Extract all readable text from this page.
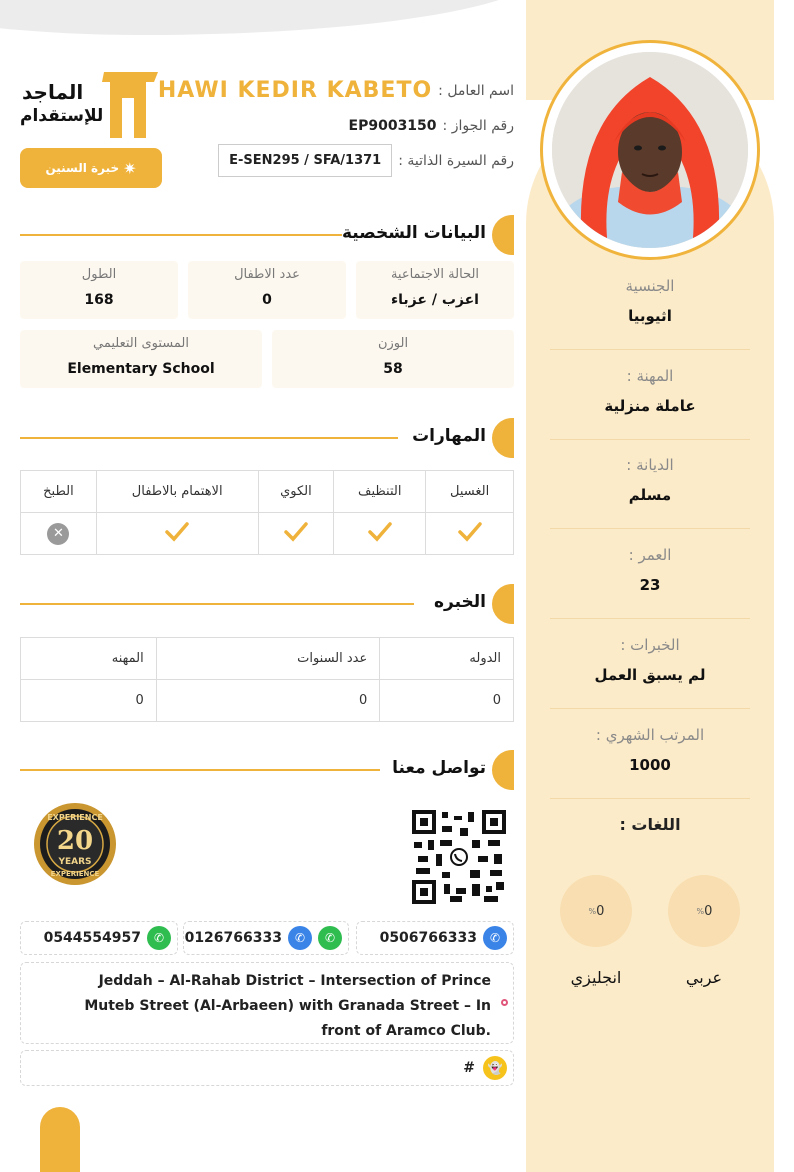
الجنسية
اثيوبيا
المهنة :
عاملة منزلية
الديانة :
مسلم
العمر :
23
الخبرات :
لم يسبق العمل
المرتب الشهري :
1000
اللغات :
% 0
% 0
عربي
انجليزي
الماجد
للإستقدام
✷
خبرة السنين
اسم العامل :
HAWI KEDIR KABETO
رقم الجواز :
EP9003150
رقم السيرة الذاتية :
E-SEN295 / SFA/1371
البيانات الشخصية
الحالة الاجتماعية
اعزب / عزباء
عدد الاطفال
0
الطول
168
الوزن
58
المستوى التعليمي
Elementary School
المهارات
الغسيل	التنظيف	الكوي	الاهتمام بالاطفال	الطبخ
				✕
الخبره
الدوله	عدد السنوات	المهنه
0	0	0
تواصل معنا
EXPERIENCE
20
YEARS
EXPERIENCE
0506766333	✆
0126766333	✆	✆
0544554957	✆
Jeddah – Al-Rahab District – Intersection of Prince Muteb Street (Al-Arbaeen) with Granada Street – In front of Aramco Club.
#	👻
